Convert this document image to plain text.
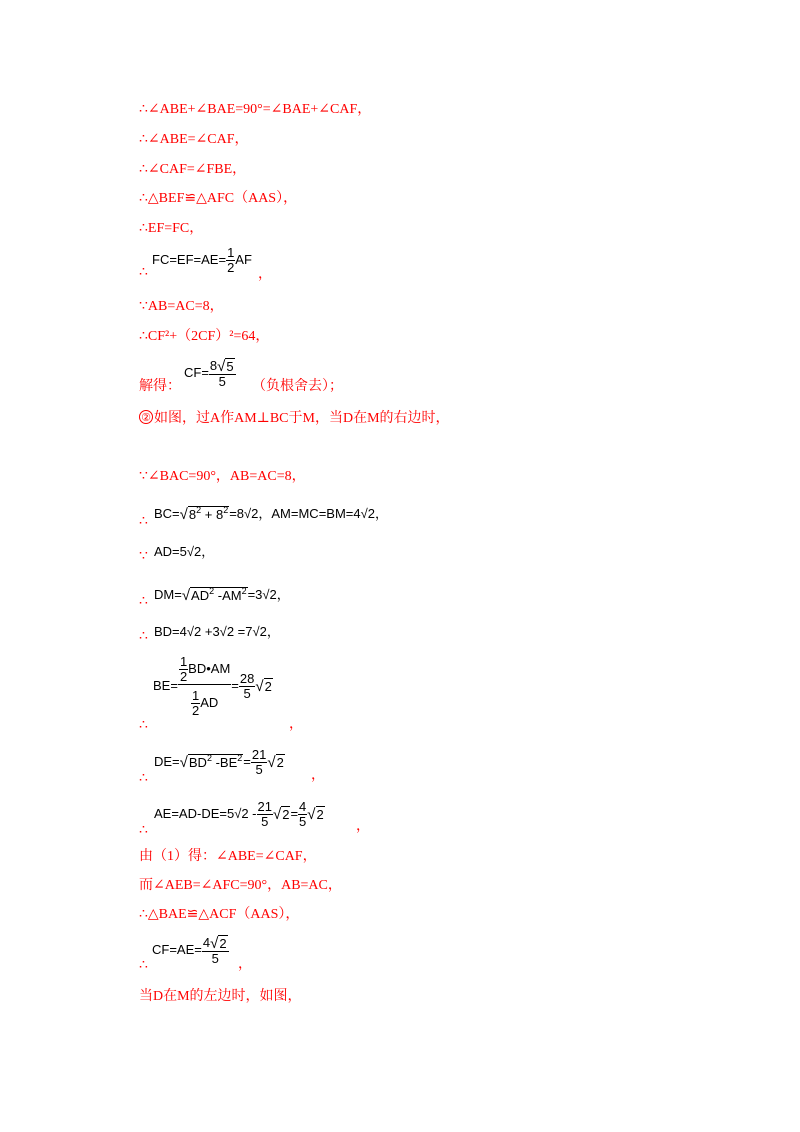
∴∠ABE+∠BAE=90°=∠BAE+∠CAF，
∴∠ABE=∠CAF，
∴∠CAF=∠FBE，
∴△BEF≌△AFC（AAS），
∴EF=FC，
∴
$FC=EF=AE= \frac{1}{2}$ AF
，
∵AB=AC=8，
∴CF²+（2CF）²=64，
解得：
$CF= \frac{8√5}{5}$ （负根舍去）；
② 如图，过A作AM⊥BC于M，当D在M的右边时，
∵∠BAC=90°，AB=AC=8，
∴
$BC=√8^2 + 8^2=8√2$，AM=MC=BM=4√2，
∵ AD=5√2，
∴ $DM=√AD^2$ $-AM^2=3√2$，
∴ BD=4√2 +3√2 =7√2，
$BE= \frac{\frac{1}{2} BD•AM}{\frac{1}{2} AD} = \frac{28}{5} √2$
∴	，
∴
$DE=√BD^2$ $-BE^2= \frac{21}{5} √2$
，
∴
$AE=AD-DE=5√2 - \frac{21}{5} √2= \frac{4}{5} √2$
，
由（1）得：∠ABE=∠CAF，
而∠AEB=∠AFC=90°，AB=AC，
∴△BAE≌△ACF（AAS），
∴
$CF=AE= \frac{4√2}{5}$ ，
当D在M的左边时，如图，
